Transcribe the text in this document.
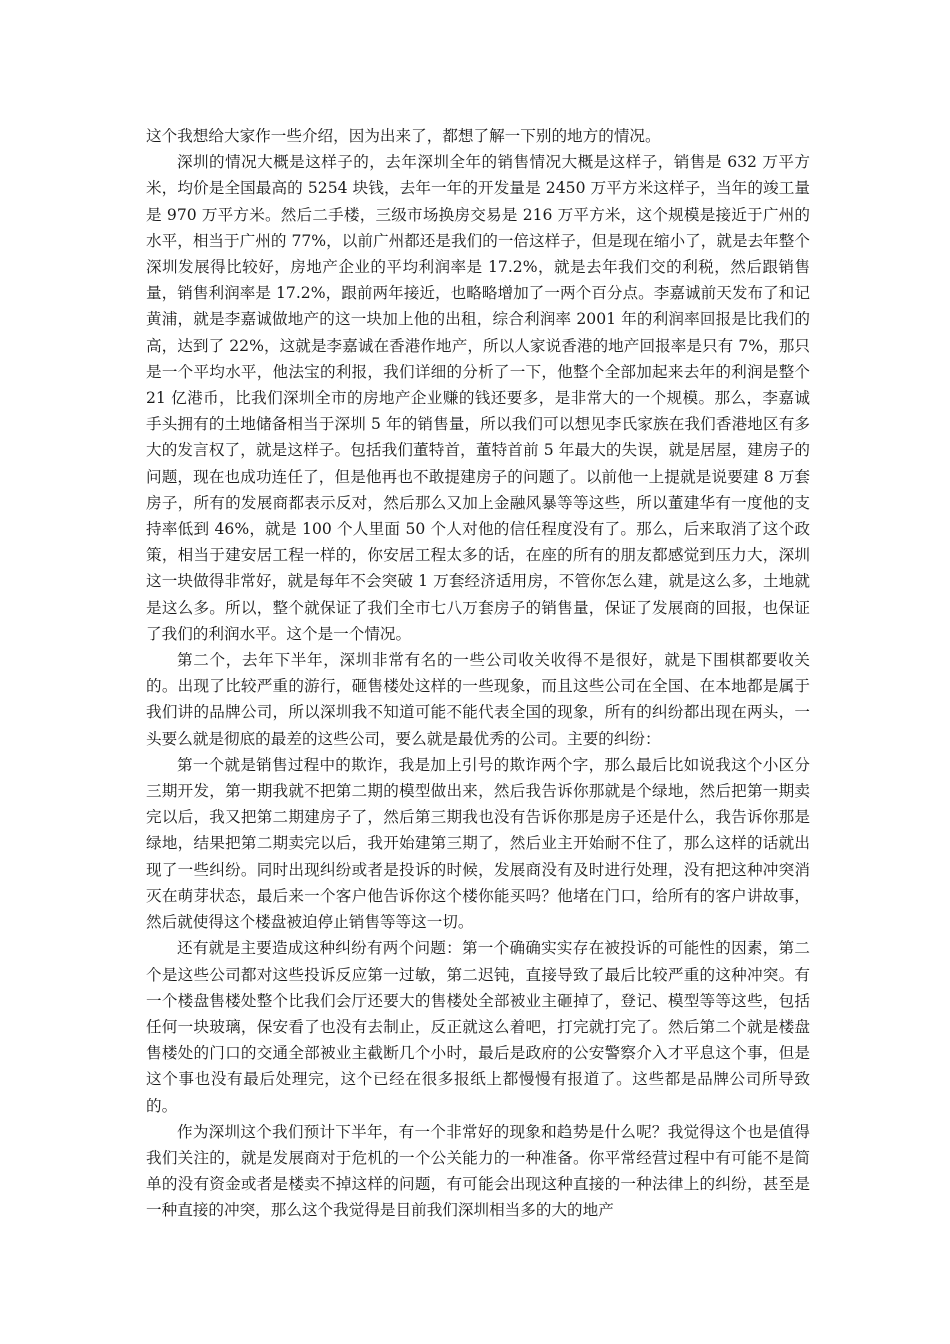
这个我想给大家作一些介绍，因为出来了，都想了解一下别的地方的情况。

深圳的情况大概是这样子的，去年深圳全年的销售情况大概是这样子，销售是 632 万平方米，均价是全国最高的 5254 块钱，去年一年的开发量是 2450 万平方米这样子，当年的竣工量是 970 万平方米。然后二手楼，三级市场换房交易是 216 万平方米，这个规模是接近于广州的水平，相当于广州的 77%，以前广州都还是我们的一倍这样子，但是现在缩小了，就是去年整个深圳发展得比较好，房地产企业的平均利润率是 17.2%，就是去年我们交的利税，然后跟销售量，销售利润率是 17.2%，跟前两年接近，也略略增加了一两个百分点。李嘉诚前天发布了和记黄浦，就是李嘉诚做地产的这一块加上他的出租，综合利润率 2001 年的利润率回报是比我们的高，达到了 22%，这就是李嘉诚在香港作地产，所以人家说香港的地产回报率是只有 7%，那只是一个平均水平，他法宝的利报，我们详细的分析了一下，他整个全部加起来去年的利润是整个 21 亿港币，比我们深圳全市的房地产企业赚的钱还要多，是非常大的一个规模。那么，李嘉诚手头拥有的土地储备相当于深圳 5 年的销售量，所以我们可以想见李氏家族在我们香港地区有多大的发言权了，就是这样子。包括我们董特首，董特首前 5 年最大的失误，就是居屋，建房子的问题，现在也成功连任了，但是他再也不敢提建房子的问题了。以前他一上提就是说要建 8 万套房子，所有的发展商都表示反对，然后那么又加上金融风暴等等这些，所以董建华有一度他的支持率低到 46%，就是 100 个人里面 50 个人对他的信任程度没有了。那么，后来取消了这个政策，相当于建安居工程一样的，你安居工程太多的话，在座的所有的朋友都感觉到压力大，深圳这一块做得非常好，就是每年不会突破 1 万套经济适用房，不管你怎么建，就是这么多，土地就是这么多。所以，整个就保证了我们全市七八万套房子的销售量，保证了发展商的回报，也保证了我们的利润水平。这个是一个情况。

第二个，去年下半年，深圳非常有名的一些公司收关收得不是很好，就是下围棋都要收关的。出现了比较严重的游行，砸售楼处这样的一些现象，而且这些公司在全国、在本地都是属于我们讲的品牌公司，所以深圳我不知道可能不能代表全国的现象，所有的纠纷都出现在两头，一头要么就是彻底的最差的这些公司，要么就是最优秀的公司。主要的纠纷：

第一个就是销售过程中的欺诈，我是加上引号的欺诈两个字，那么最后比如说我这个小区分三期开发，第一期我就不把第二期的模型做出来，然后我告诉你那就是个绿地，然后把第一期卖完以后，我又把第二期建房子了，然后第三期我也没有告诉你那是房子还是什么，我告诉你那是绿地，结果把第二期卖完以后，我开始建第三期了，然后业主开始耐不住了，那么这样的话就出现了一些纠纷。同时出现纠纷或者是投诉的时候，发展商没有及时进行处理，没有把这种冲突消灭在萌芽状态，最后来一个客户他告诉你这个楼你能买吗？他堵在门口，给所有的客户讲故事，然后就使得这个楼盘被迫停止销售等等这一切。

还有就是主要造成这种纠纷有两个问题：第一个确确实实存在被投诉的可能性的因素，第二个是这些公司都对这些投诉反应第一过敏，第二迟钝，直接导致了最后比较严重的这种冲突。有一个楼盘售楼处整个比我们会厅还要大的售楼处全部被业主砸掉了，登记、模型等等这些，包括任何一块玻璃，保安看了也没有去制止，反正就这么着吧，打完就打完了。然后第二个就是楼盘售楼处的门口的交通全部被业主截断几个小时，最后是政府的公安警察介入才平息这个事，但是这个事也没有最后处理完，这个已经在很多报纸上都慢慢有报道了。这些都是品牌公司所导致的。

作为深圳这个我们预计下半年，有一个非常好的现象和趋势是什么呢？我觉得这个也是值得我们关注的，就是发展商对于危机的一个公关能力的一种准备。你平常经营过程中有可能不是简单的没有资金或者是楼卖不掉这样的问题，有可能会出现这种直接的一种法律上的纠纷，甚至是一种直接的冲突，那么这个我觉得是目前我们深圳相当多的大的地产
